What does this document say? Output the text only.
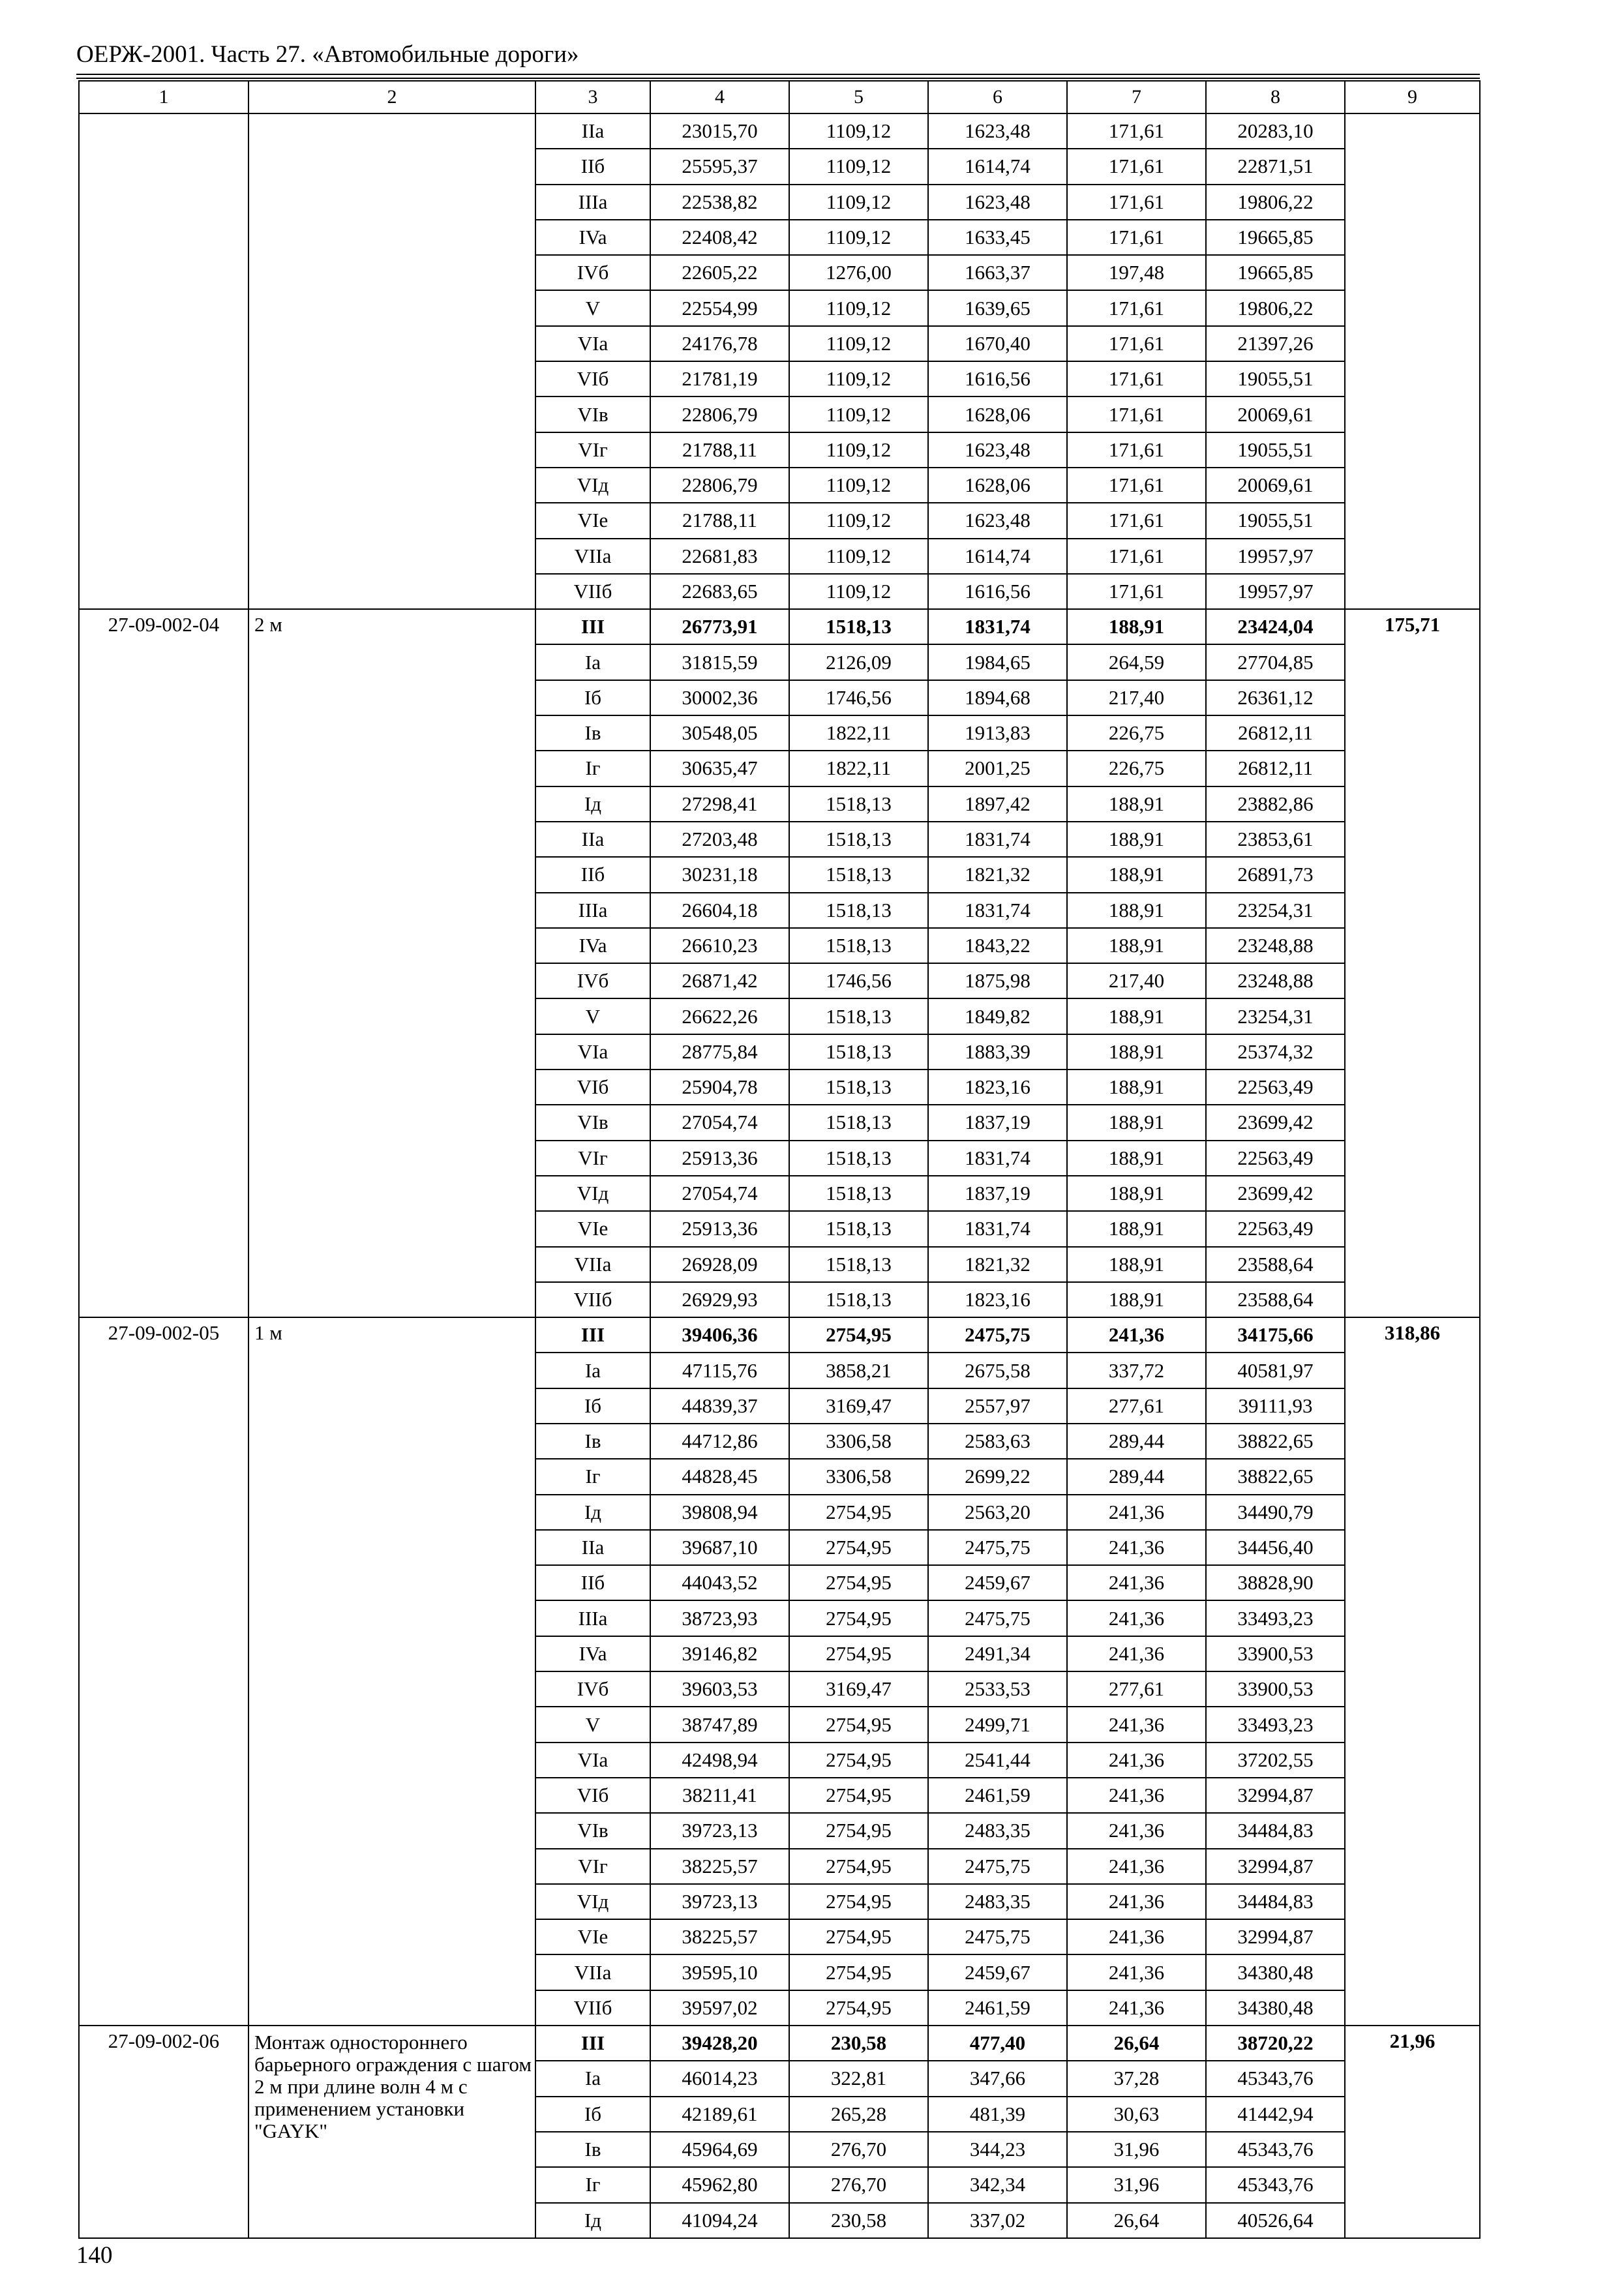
ОЕРЖ-2001. Часть 27. «Автомобильные дороги»
1	2	3	4	5	6	7	8	9
		IIa	23015,70	1109,12	1623,48	171,61	20283,10	
		IIб	25595,37	1109,12	1614,74	171,61	22871,51	
		IIIa	22538,82	1109,12	1623,48	171,61	19806,22	
		IVa	22408,42	1109,12	1633,45	171,61	19665,85	
		IVб	22605,22	1276,00	1663,37	197,48	19665,85	
		V	22554,99	1109,12	1639,65	171,61	19806,22	
		VIa	24176,78	1109,12	1670,40	171,61	21397,26	
		VIб	21781,19	1109,12	1616,56	171,61	19055,51	
		VIв	22806,79	1109,12	1628,06	171,61	20069,61	
		VIг	21788,11	1109,12	1623,48	171,61	19055,51	
		VIд	22806,79	1109,12	1628,06	171,61	20069,61	
		VIe	21788,11	1109,12	1623,48	171,61	19055,51	
		VIIa	22681,83	1109,12	1614,74	171,61	19957,97	
		VIIб	22683,65	1109,12	1616,56	171,61	19957,97	
27-09-002-04	2 м	III	26773,91	1518,13	1831,74	188,91	23424,04	175,71
		Ia	31815,59	2126,09	1984,65	264,59	27704,85	
		Iб	30002,36	1746,56	1894,68	217,40	26361,12	
		Iв	30548,05	1822,11	1913,83	226,75	26812,11	
		Iг	30635,47	1822,11	2001,25	226,75	26812,11	
		Iд	27298,41	1518,13	1897,42	188,91	23882,86	
		IIa	27203,48	1518,13	1831,74	188,91	23853,61	
		IIб	30231,18	1518,13	1821,32	188,91	26891,73	
		IIIa	26604,18	1518,13	1831,74	188,91	23254,31	
		IVa	26610,23	1518,13	1843,22	188,91	23248,88	
		IVб	26871,42	1746,56	1875,98	217,40	23248,88	
		V	26622,26	1518,13	1849,82	188,91	23254,31	
		VIa	28775,84	1518,13	1883,39	188,91	25374,32	
		VIб	25904,78	1518,13	1823,16	188,91	22563,49	
		VIв	27054,74	1518,13	1837,19	188,91	23699,42	
		VIг	25913,36	1518,13	1831,74	188,91	22563,49	
		VIд	27054,74	1518,13	1837,19	188,91	23699,42	
		VIe	25913,36	1518,13	1831,74	188,91	22563,49	
		VIIa	26928,09	1518,13	1821,32	188,91	23588,64	
		VIIб	26929,93	1518,13	1823,16	188,91	23588,64	
27-09-002-05	1 м	III	39406,36	2754,95	2475,75	241,36	34175,66	318,86
		Ia	47115,76	3858,21	2675,58	337,72	40581,97	
		Iб	44839,37	3169,47	2557,97	277,61	39111,93	
		Iв	44712,86	3306,58	2583,63	289,44	38822,65	
		Iг	44828,45	3306,58	2699,22	289,44	38822,65	
		Iд	39808,94	2754,95	2563,20	241,36	34490,79	
		IIa	39687,10	2754,95	2475,75	241,36	34456,40	
		IIб	44043,52	2754,95	2459,67	241,36	38828,90	
		IIIa	38723,93	2754,95	2475,75	241,36	33493,23	
		IVa	39146,82	2754,95	2491,34	241,36	33900,53	
		IVб	39603,53	3169,47	2533,53	277,61	33900,53	
		V	38747,89	2754,95	2499,71	241,36	33493,23	
		VIa	42498,94	2754,95	2541,44	241,36	37202,55	
		VIб	38211,41	2754,95	2461,59	241,36	32994,87	
		VIв	39723,13	2754,95	2483,35	241,36	34484,83	
		VIг	38225,57	2754,95	2475,75	241,36	32994,87	
		VIд	39723,13	2754,95	2483,35	241,36	34484,83	
		VIe	38225,57	2754,95	2475,75	241,36	32994,87	
		VIIa	39595,10	2754,95	2459,67	241,36	34380,48	
		VIIб	39597,02	2754,95	2461,59	241,36	34380,48	
27-09-002-06	Монтаж одностороннего барьерного ограждения с шагом 2 м при длине волн 4 м с применением установки "GAYK"	III	39428,20	230,58	477,40	26,64	38720,22	21,96
		Ia	46014,23	322,81	347,66	37,28	45343,76	
		Iб	42189,61	265,28	481,39	30,63	41442,94	
		Iв	45964,69	276,70	344,23	31,96	45343,76	
		Iг	45962,80	276,70	342,34	31,96	45343,76	
		Iд	41094,24	230,58	337,02	26,64	40526,64	
140
